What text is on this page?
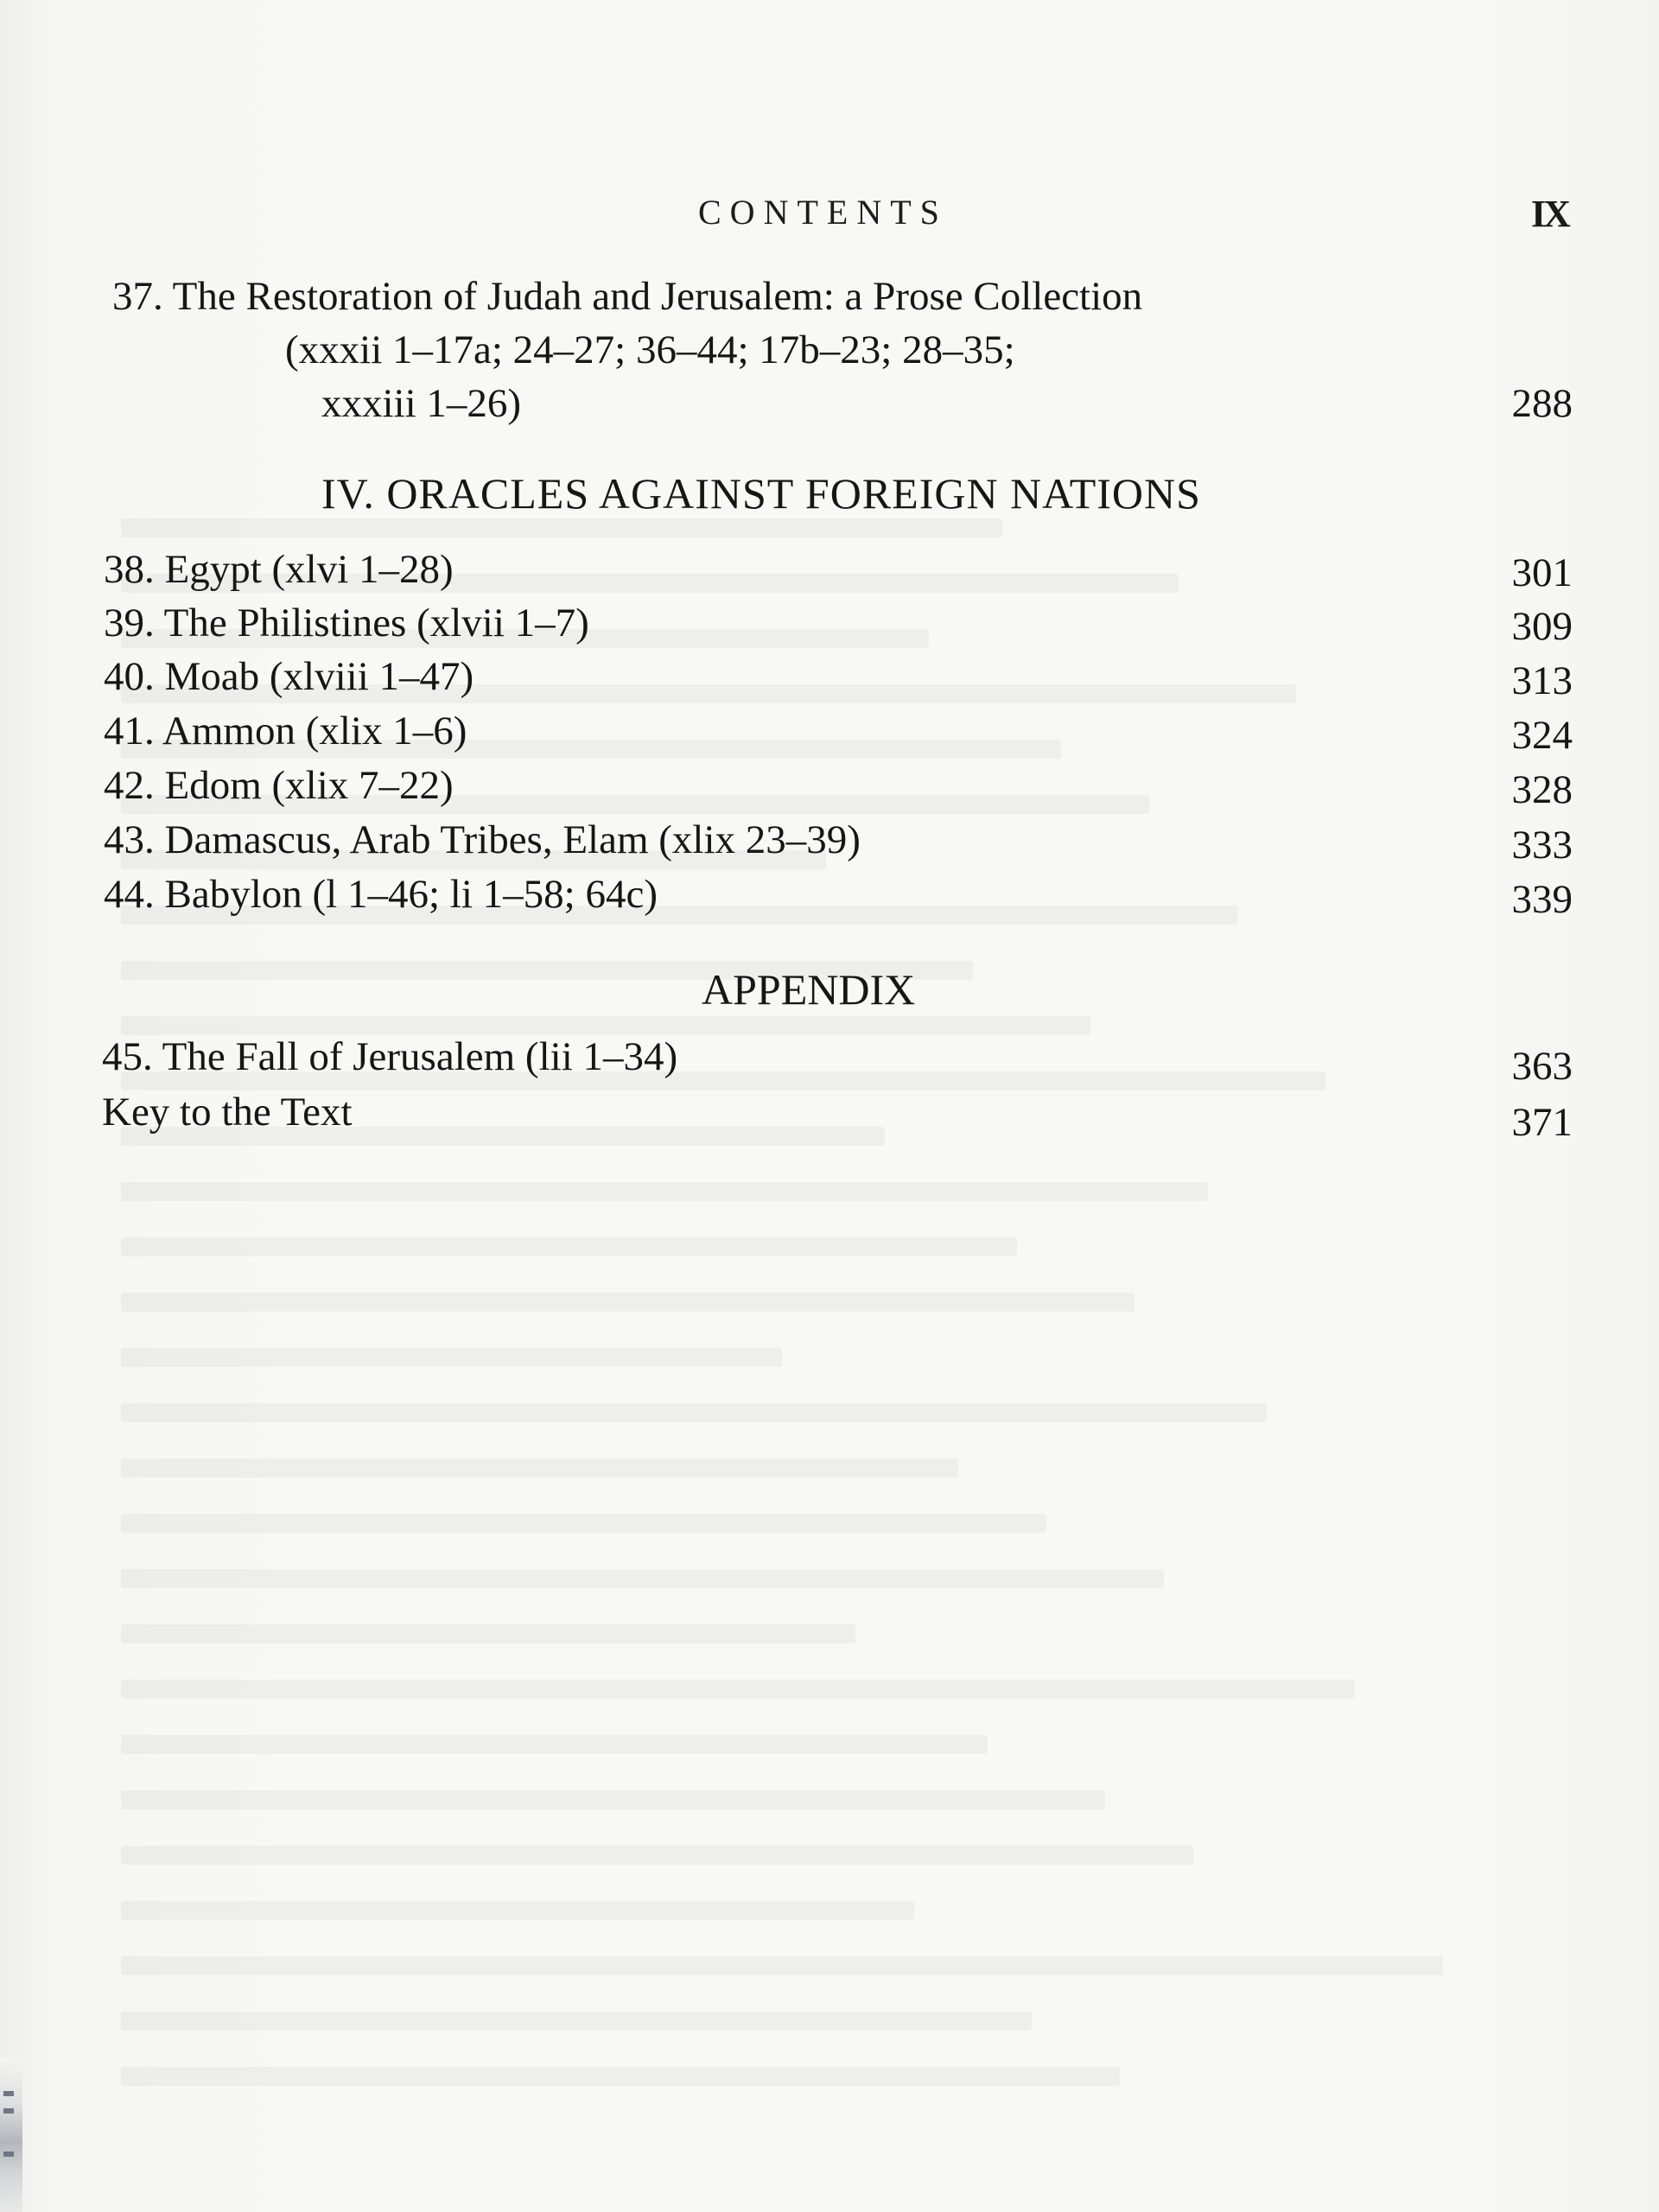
CONTENTS	IX
37. The Restoration of Judah and Jerusalem: a Prose Collection
(xxxii 1–17a; 24–27; 36–44; 17b–23; 28–35;
xxxiii 1–26)	288
IV. ORACLES AGAINST FOREIGN NATIONS
38. Egypt (xlvi 1–28)	301
39. The Philistines (xlvii 1–7)	309
40. Moab (xlviii 1–47)	313
41. Ammon (xlix 1–6)	324
42. Edom (xlix 7–22)	328
43. Damascus, Arab Tribes, Elam (xlix 23–39)	333
44. Babylon (l 1–46; li 1–58; 64c)	339
APPENDIX
45. The Fall of Jerusalem (lii 1–34)	363
Key to the Text	371
